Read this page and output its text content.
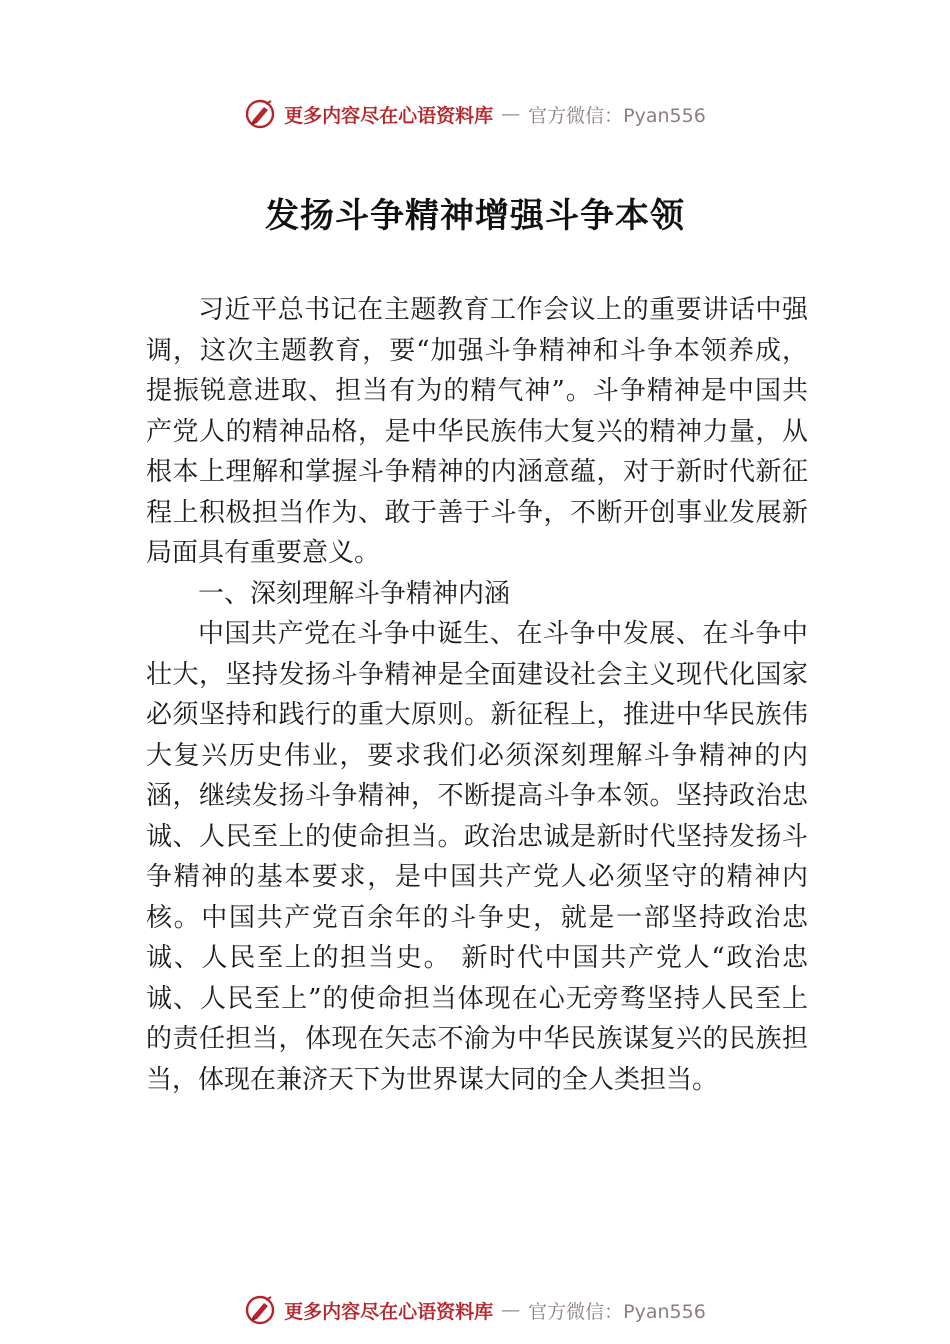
更多内容尽在心语资料库 — 官方微信：Pyan556
发扬斗争精神增强斗争本领

习近平总书记在主题教育工作会议上的重要讲话中强调，这次主题教育，要“加强斗争精神和斗争本领养成，提振锐意进取、担当有为的精气神”。斗争精神是中国共产党人的精神品格，是中华民族伟大复兴的精神力量，从根本上理解和掌握斗争精神的内涵意蕴，对于新时代新征程上积极担当作为、敢于善于斗争，不断开创事业发展新局面具有重要意义。

一、深刻理解斗争精神内涵

中国共产党在斗争中诞生、在斗争中发展、在斗争中壮大，坚持发扬斗争精神是全面建设社会主义现代化国家必须坚持和践行的重大原则。新征程上，推进中华民族伟大复兴历史伟业，要求我们必须深刻理解斗争精神的内涵，继续发扬斗争精神，不断提高斗争本领。坚持政治忠诚、人民至上的使命担当。政治忠诚是新时代坚持发扬斗争精神的基本要求，是中国共产党人必须坚守的精神内核。中国共产党百余年的斗争史，就是一部坚持政治忠诚、人民至上的担当史。 新时代中国共产党人“政治忠诚、人民至上”的使命担当体现在心无旁骛坚持人民至上的责任担当，体现在矢志不渝为中华民族谋复兴的民族担当，体现在兼济天下为世界谋大同的全人类担当。

更多内容尽在心语资料库 — 官方微信：Pyan556
